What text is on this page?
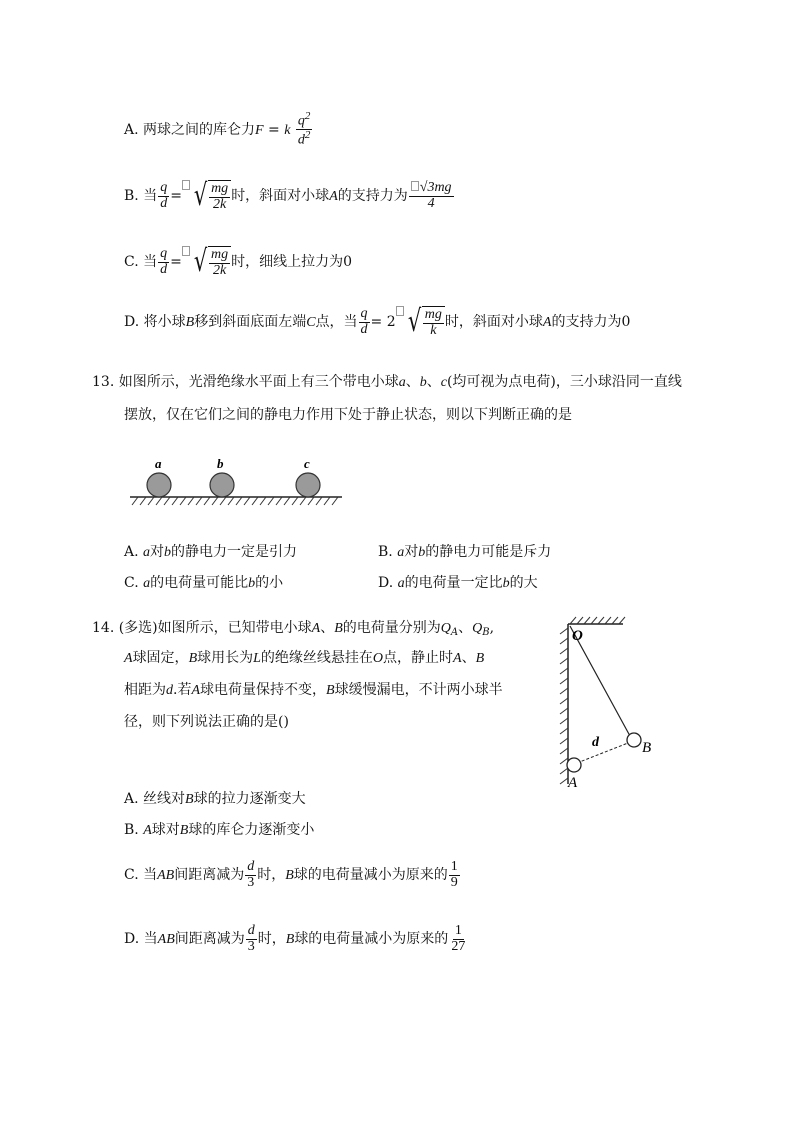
A. 两球之间的库仑力F = k $\frac{q^2}{d^2}$
B. 当 $\frac{q}{d}$ = √ $\frac{mg}{2k}$ 时，斜面对小球A的支持力为 $\frac{√3mg}{4}$
C. 当 $\frac{q}{d}$ = √ $\frac{mg}{2k}$ 时，细线上拉力为0
D. 将小球B移到斜面底面左端C点，当 $\frac{q}{d} = 2$ √ $\frac{mg}{k}$ 时，斜面对小球A的支持力为0
13. 如图所示，光滑绝缘水平面上有三个带电小球a、b、c(均可视为点电荷)，三小球沿同一直线
摆放，仅在它们之间的静电力作用下处于静止状态，则以下判断正确的是
a	b	c
A. a对b的静电力一定是引力	B. a对b的静电力可能是斥力
C. a的电荷量可能比b的小	D. a的电荷量一定比b的大
14. (多选)如图所示，已知带电小球A、B的电荷量分别为$Q_A$、$Q_B$,
A球固定，B球用长为L的绝缘丝线悬挂在O点，静止时A、B
相距为d.若A球电荷量保持不变，B球缓慢漏电，不计两小球半
径，则下列说法正确的是()
O
d	B
A
A. 丝线对B球的拉力逐渐变大
B. A球对B球的库仑力逐渐变小
C. 当AB间距离减为 $\frac{d}{3}$ 时，B球的电荷量减小为原来的 $\frac{1}{9}$
D. 当AB间距离减为 $\frac{d}{3}$ 时，B球的电荷量减小为原来的 $\frac{1}{27}$
